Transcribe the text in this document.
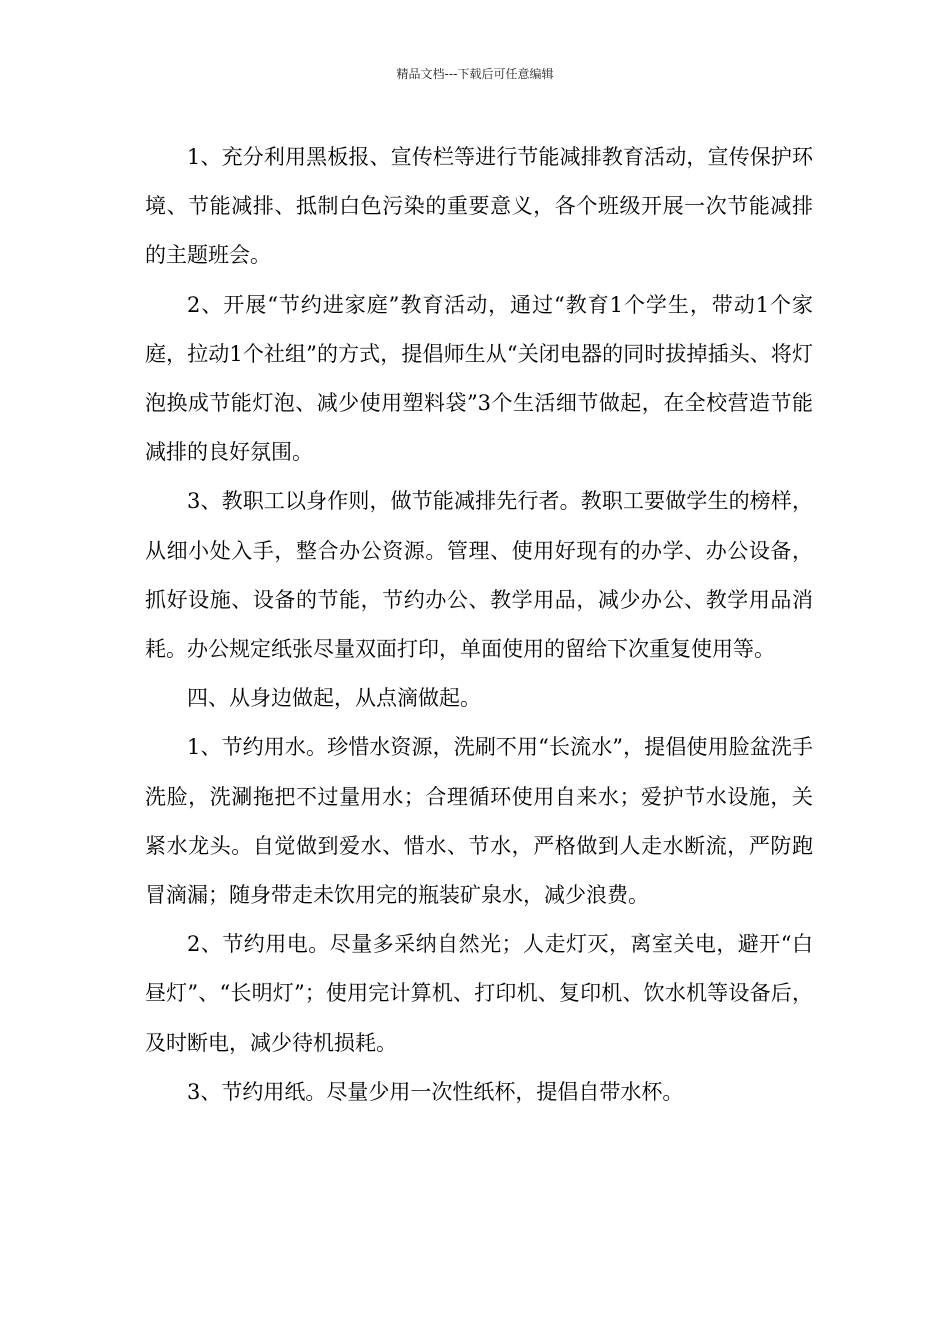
精品文档---下载后可任意编辑

1、充分利用黑板报、宣传栏等进行节能减排教育活动，宣传保护环境、节能减排、抵制白色污染的重要意义，各个班级开展一次节能减排的主题班会。

2、开展“节约进家庭”教育活动，通过“教育1个学生，带动1个家庭，拉动1个社组”的方式，提倡师生从“关闭电器的同时拔掉插头、将灯泡换成节能灯泡、减少使用塑料袋”3个生活细节做起，在全校营造节能减排的良好氛围。

3、教职工以身作则，做节能减排先行者。教职工要做学生的榜样，从细小处入手，整合办公资源。管理、使用好现有的办学、办公设备，抓好设施、设备的节能，节约办公、教学用品，减少办公、教学用品消耗。办公规定纸张尽量双面打印，单面使用的留给下次重复使用等。

四、从身边做起，从点滴做起。

1、节约用水。珍惜水资源，洗刷不用“长流水”，提倡使用脸盆洗手洗脸，洗涮拖把不过量用水；合理循环使用自来水；爱护节水设施，关紧水龙头。自觉做到爱水、惜水、节水，严格做到人走水断流，严防跑冒滴漏；随身带走未饮用完的瓶装矿泉水，减少浪费。

2、节约用电。尽量多采纳自然光；人走灯灭，离室关电，避开“白昼灯”、“长明灯”；使用完计算机、打印机、复印机、饮水机等设备后，及时断电，减少待机损耗。

3、节约用纸。尽量少用一次性纸杯，提倡自带水杯。
